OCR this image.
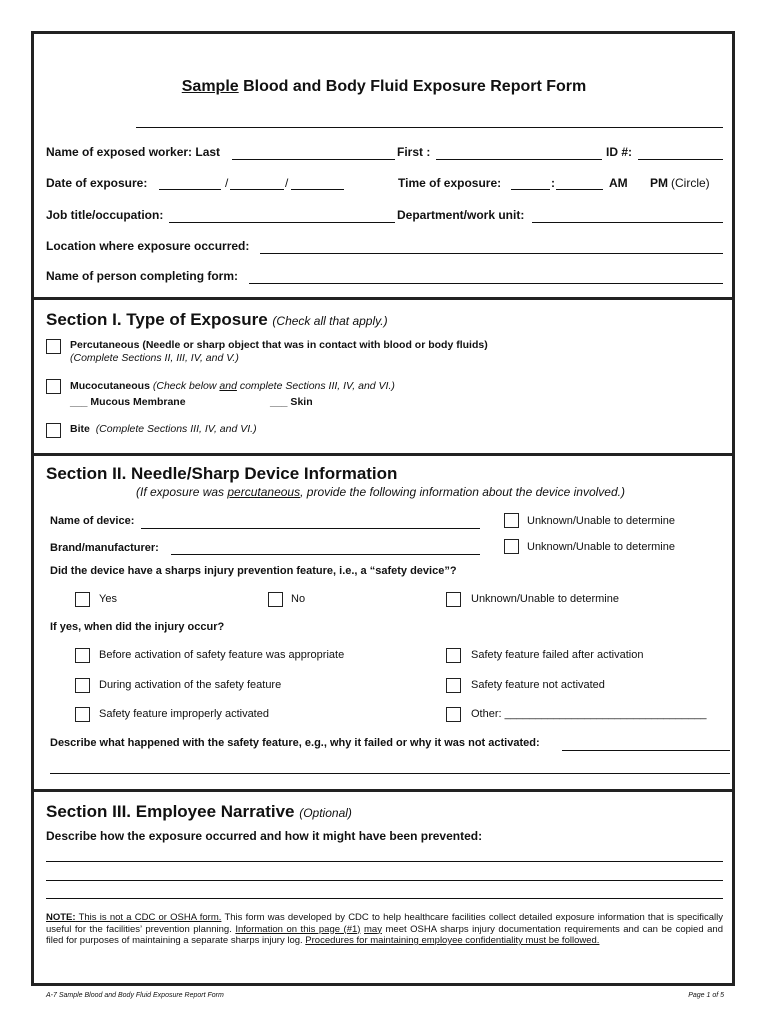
Sample Blood and Body Fluid Exposure Report Form
Name of exposed worker: Last	First :	ID #:
Date of exposure:	/	/	Time of exposure:	:	AM PM (Circle)
Job title/occupation:	Department/work unit:
Location where exposure occurred:
Name of person completing form:
Section I. Type of Exposure (Check all that apply.)
Percutaneous (Needle or sharp object that was in contact with blood or body fluids)
(Complete Sections II, III, IV, and V.)
Mucocutaneous (Check below and complete Sections III, IV, and VI.)
___ Mucous Membrane	___ Skin
Bite (Complete Sections III, IV, and VI.)
Section II. Needle/Sharp Device Information
(If exposure was percutaneous, provide the following information about the device involved.)
Name of device:	Unknown/Unable to determine
Brand/manufacturer:	Unknown/Unable to determine
Did the device have a sharps injury prevention feature, i.e., a “safety device”?
Yes	No	Unknown/Unable to determine
If yes, when did the injury occur?
Before activation of safety feature was appropriate	Safety feature failed after activation
During activation of the safety feature	Safety feature not activated
Safety feature improperly activated	Other: _________________________________
Describe what happened with the safety feature, e.g., why it failed or why it was not activated:
Section III. Employee Narrative (Optional)
Describe how the exposure occurred and how it might have been prevented:
NOTE: This is not a CDC or OSHA form. This form was developed by CDC to help healthcare facilities collect detailed exposure information that is specifically useful for the facilities’ prevention planning. Information on this page (#1) may meet OSHA sharps injury documentation requirements and can be copied and filed for purposes of maintaining a separate sharps injury log. Procedures for maintaining employee confidentiality must be followed.
A-7 Sample Blood and Body Fluid Exposure Report Form	Page 1 of 5
